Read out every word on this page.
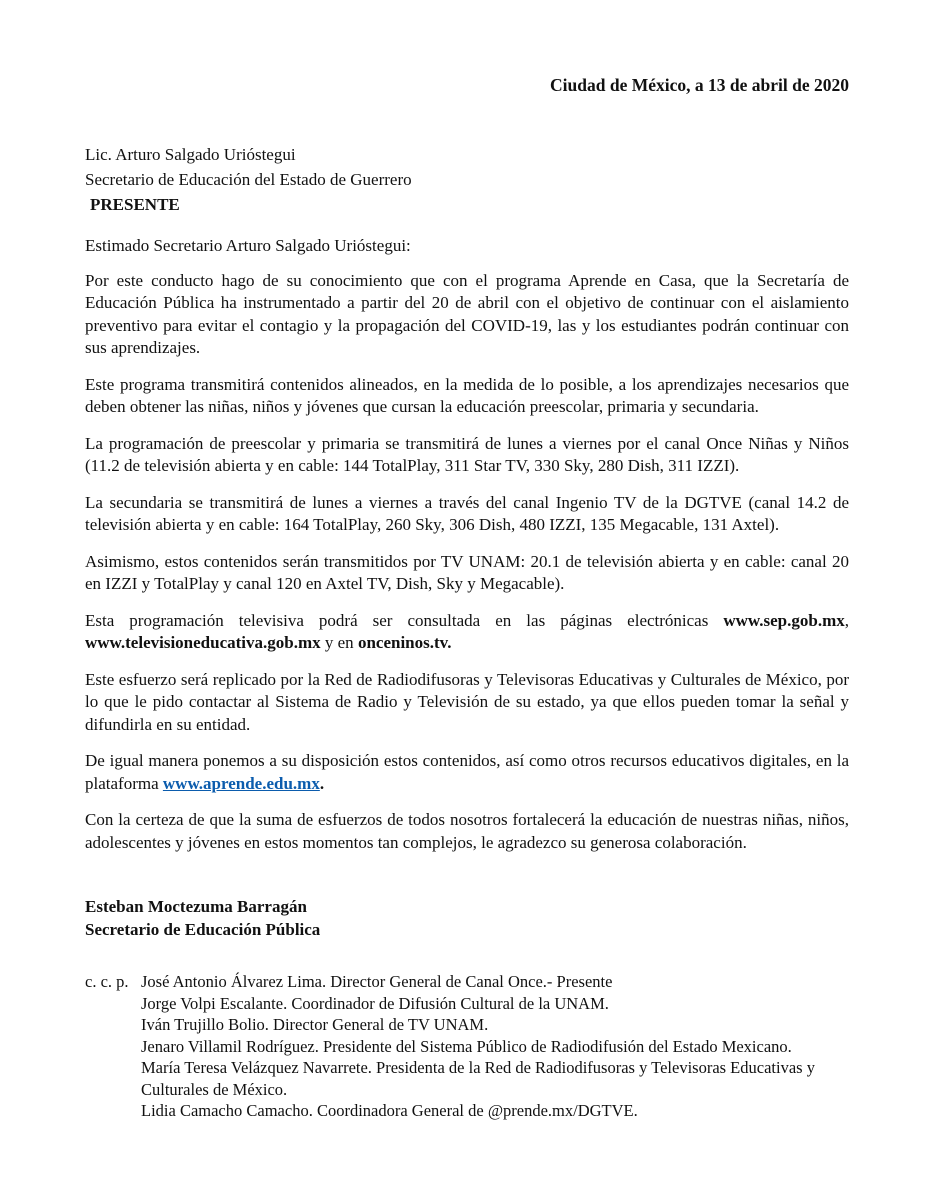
Ciudad de México, a 13 de abril de 2020
Lic. Arturo Salgado Urióstegui
Secretario de Educación del Estado de Guerrero
PRESENTE

Estimado Secretario Arturo Salgado Urióstegui:

Por este conducto hago de su conocimiento que con el programa Aprende en Casa, que la Secretaría de Educación Pública ha instrumentado a partir del 20 de abril con el objetivo de continuar con el aislamiento preventivo para evitar el contagio y la propagación del COVID-19, las y los estudiantes podrán continuar con sus aprendizajes.

Este programa transmitirá contenidos alineados, en la medida de lo posible, a los aprendizajes necesarios que deben obtener las niñas, niños y jóvenes que cursan la educación preescolar, primaria y secundaria.

La programación de preescolar y primaria se transmitirá de lunes a viernes por el canal Once Niñas y Niños (11.2 de televisión abierta y en cable: 144 TotalPlay, 311 Star TV, 330 Sky, 280 Dish, 311 IZZI).

La secundaria se transmitirá de lunes a viernes a través del canal Ingenio TV de la DGTVE (canal 14.2 de televisión abierta y en cable: 164 TotalPlay, 260 Sky, 306 Dish, 480 IZZI, 135 Megacable, 131 Axtel).

Asimismo, estos contenidos serán transmitidos por TV UNAM: 20.1 de televisión abierta y en cable: canal 20 en IZZI y TotalPlay y canal 120 en Axtel TV, Dish, Sky y Megacable).

Esta programación televisiva podrá ser consultada en las páginas electrónicas www.sep.gob.mx, www.televisioneducativa.gob.mx y en onceninos.tv.

Este esfuerzo será replicado por la Red de Radiodifusoras y Televisoras Educativas y Culturales de México, por lo que le pido contactar al Sistema de Radio y Televisión de su estado, ya que ellos pueden tomar la señal y difundirla en su entidad.

De igual manera ponemos a su disposición estos contenidos, así como otros recursos educativos digitales, en la plataforma www.aprende.edu.mx.

Con la certeza de que la suma de esfuerzos de todos nosotros fortalecerá la educación de nuestras niñas, niños, adolescentes y jóvenes en estos momentos tan complejos, le agradezco su generosa colaboración.

Esteban Moctezuma Barragán
Secretario de Educación Pública
c. c. p. José Antonio Álvarez Lima. Director General de Canal Once.- Presente
Jorge Volpi Escalante. Coordinador de Difusión Cultural de la UNAM.
Iván Trujillo Bolio. Director General de TV UNAM.
Jenaro Villamil Rodríguez. Presidente del Sistema Público de Radiodifusión del Estado Mexicano.
María Teresa Velázquez Navarrete. Presidenta de la Red de Radiodifusoras y Televisoras Educativas y Culturales de México.
Lidia Camacho Camacho. Coordinadora General de @prende.mx/DGTVE.
